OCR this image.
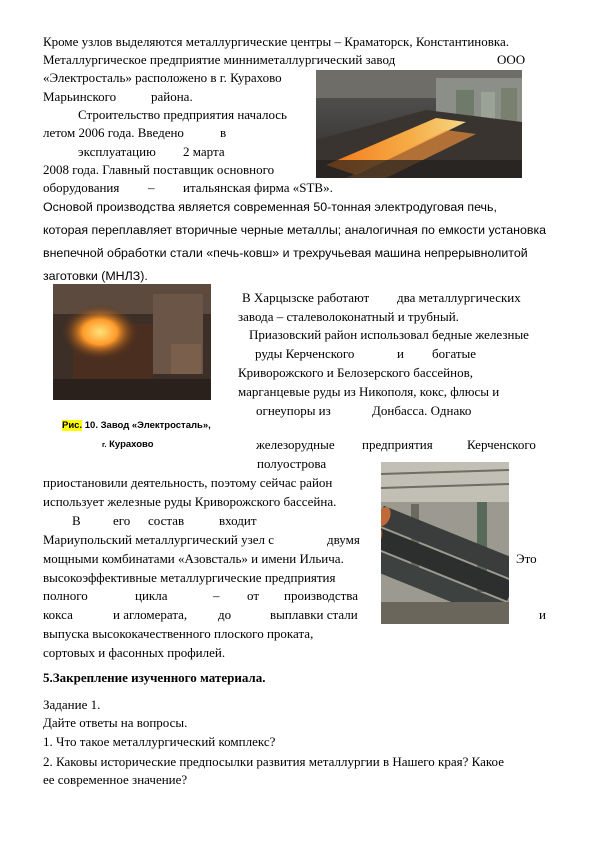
Кроме узлов выделяются металлургические центры – Краматорск, Константиновка.
Металлургическое предприятие минниметаллургический завод	ООО
«Электросталь» расположено в г. Курахово
Марьинского	района.
Строительство предприятия началось
летом 2006 года. Введено	в
эксплуатацию 2 марта
2008 года. Главный поставщик основного
оборудования – итальянская фирма «STB».
Основой производства является современная 50-тонная электродуговая печь,
которая переплавляет вторичные черные металлы; аналогичная по емкости установка
внепечной обработки стали «печь-ковш» и трехручьевая машина непрерывнолитой
заготовки (МНЛЗ).
Рис. 10. Завод «Электросталь»,
г. Курахово
В Харцызске работают два металлургических
завода – сталеволоконатный и трубный.
Приазовский район использовал бедные железные
руды Керченского	и богатые
Криворожского и Белозерского бассейнов,
марганцевые руды из Никополя, кокс, флюсы и
огнеупоры из	Донбасса. Однако
железорудные предприятия	Керченского
полуострова
приостановили деятельность, поэтому сейчас район
использует железные руды Криворожского бассейна.
В его состав	входит
Мариупольский металлургический узел с	двумя
мощными комбинатами «Азовсталь» и имени Ильича.	Это
высокоэффективные металлургические предприятия
полного	цикла	– от производства
кокса	и агломерата, до	выплавки стали	и
выпуска высококачественного плоского проката,
сортовых и фасонных профилей.
5.Закрепление изученного материала.
Задание 1.
Дайте ответы на вопросы.
1. Что такое металлургический комплекс?
2. Каковы исторические предпосылки развития металлургии в Нашего края? Какое
ее современное значение?
